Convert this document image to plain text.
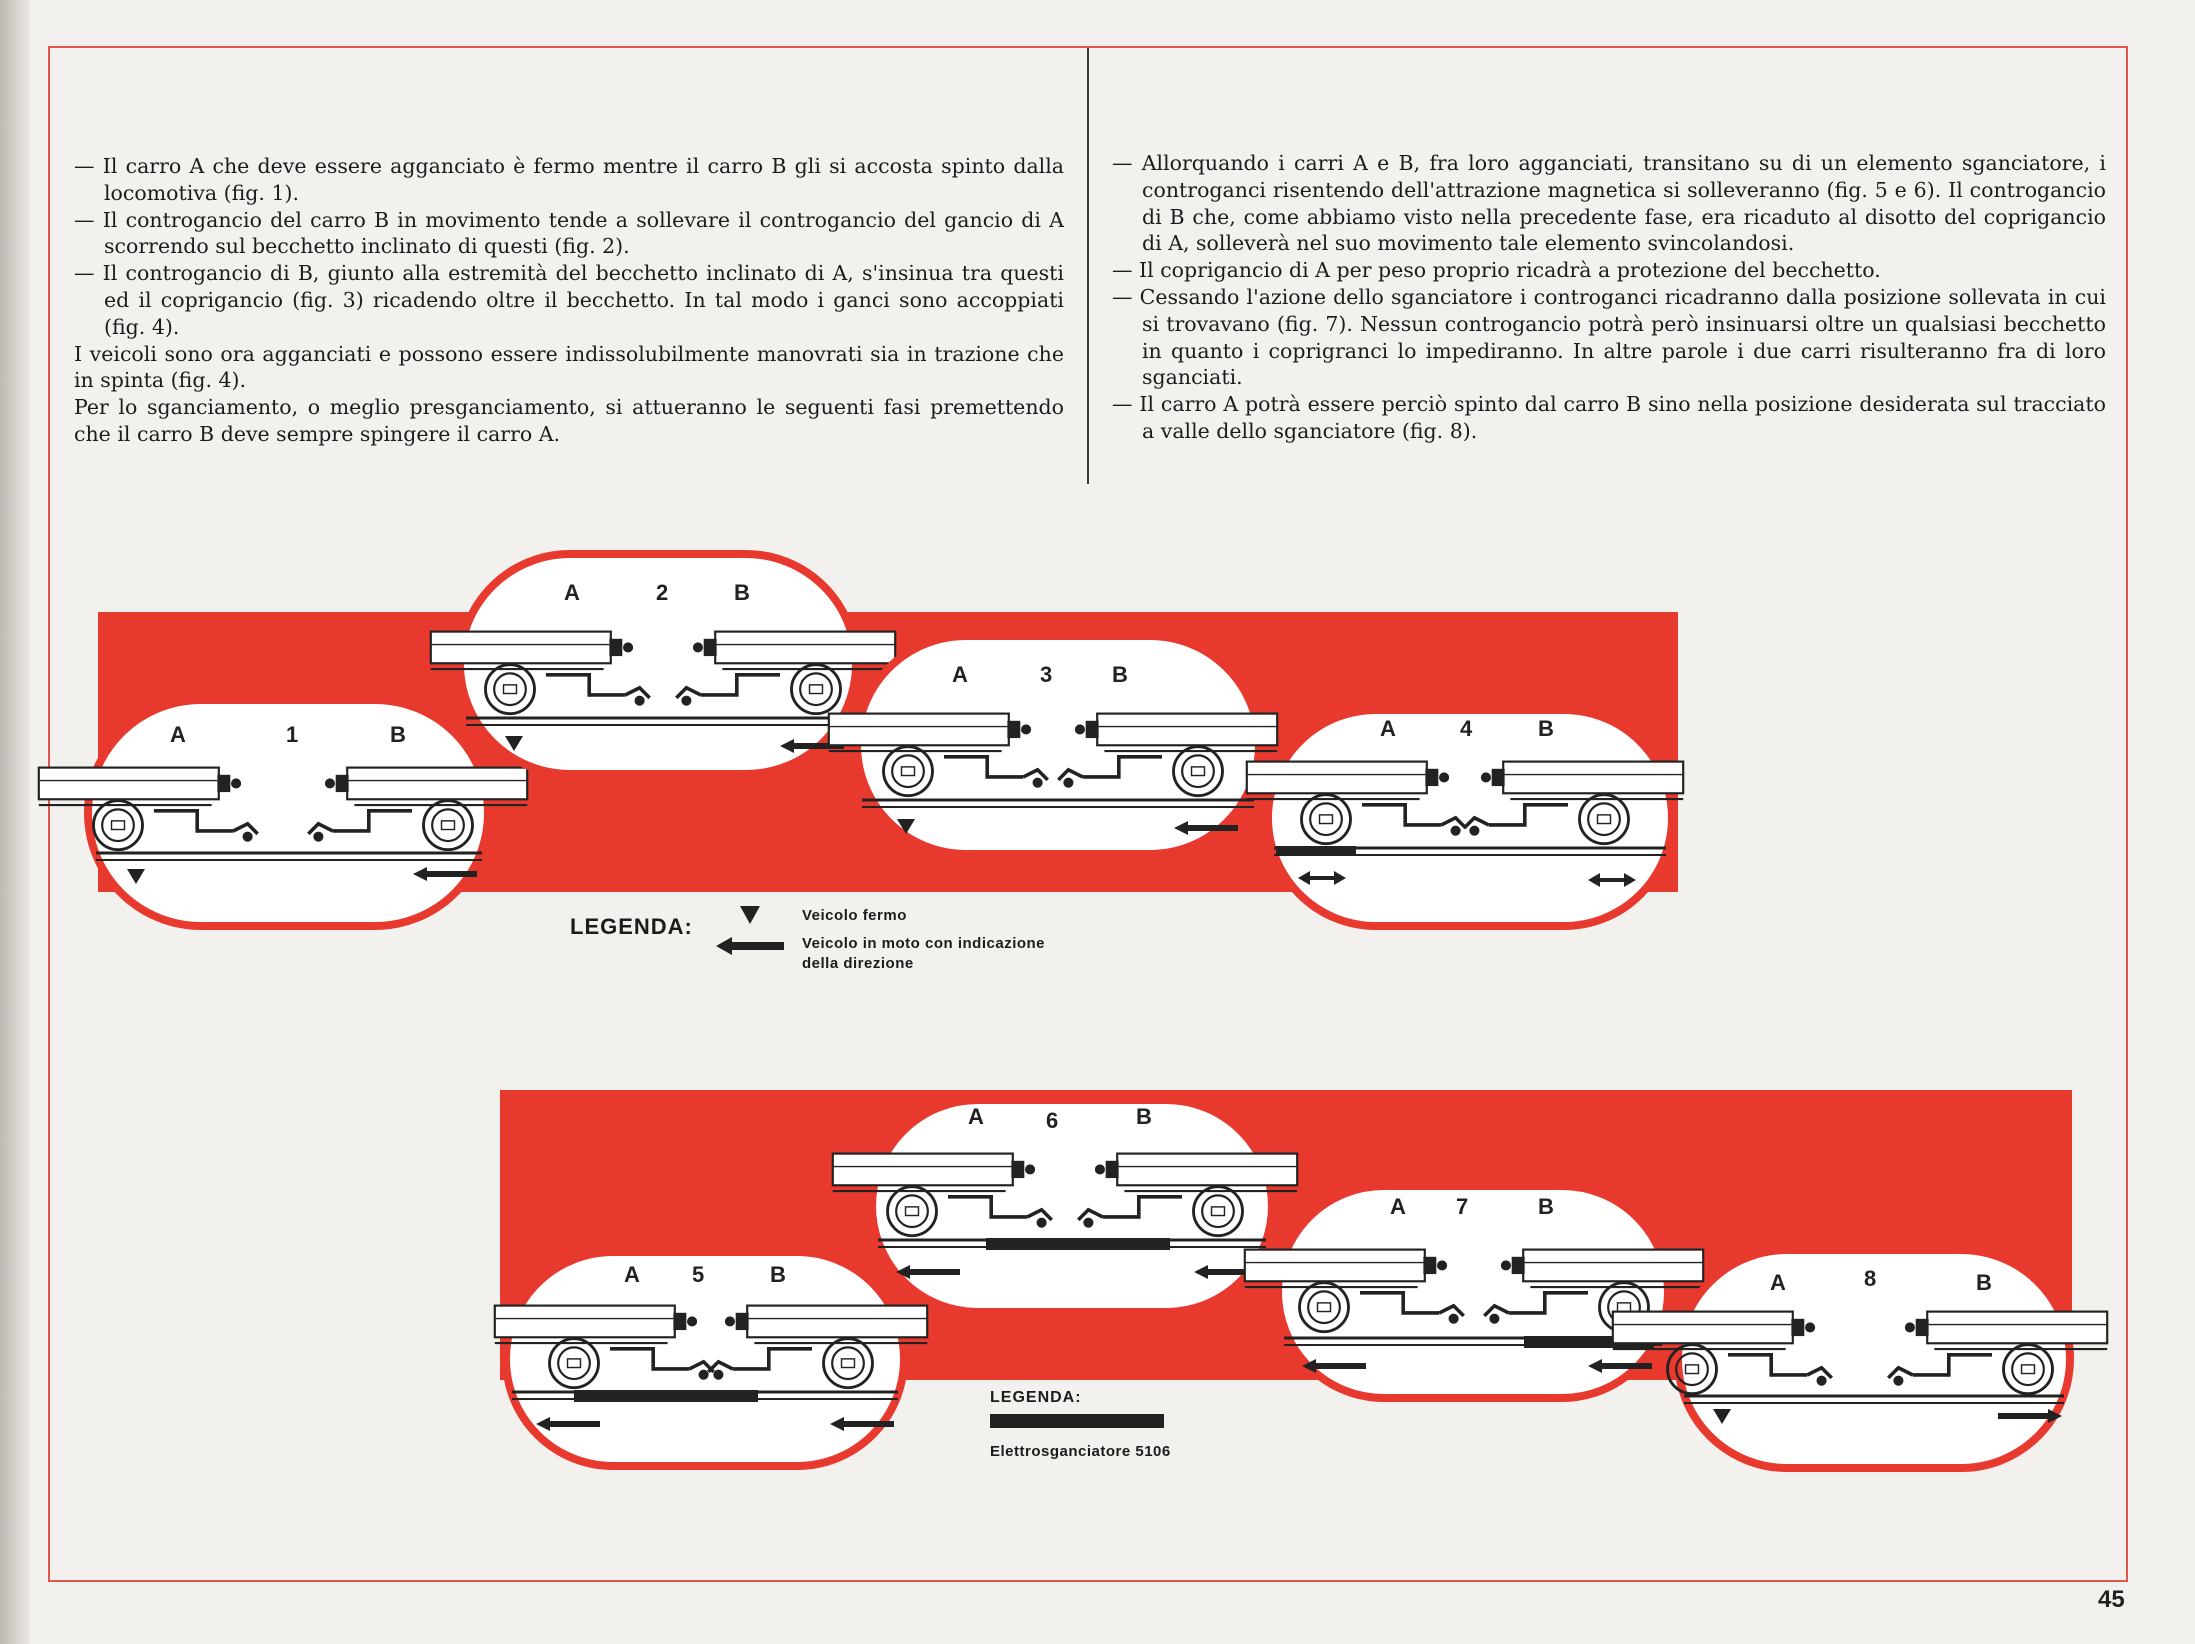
— Il carro A che deve essere agganciato è fermo mentre il carro B gli si accosta spinto dalla locomotiva (fig. 1).

— Il controgancio del carro B in movimento tende a sollevare il controgancio del gancio di A scorrendo sul becchetto inclinato di questi (fig. 2).

— Il controgancio di B, giunto alla estremità del becchetto inclinato di A, s'insinua tra questi ed il coprigancio (fig. 3) ricadendo oltre il becchetto. In tal modo i ganci sono accoppiati (fig. 4).

I veicoli sono ora agganciati e possono essere indissolubilmente manovrati sia in trazione che in spinta (fig. 4).

Per lo sganciamento, o meglio presganciamento, si attueranno le seguenti fasi premettendo che il carro B deve sempre spingere il carro A.

— Allorquando i carri A e B, fra loro agganciati, transitano su di un elemento sganciatore, i controganci risentendo dell'attrazione magnetica si solleveranno (fig. 5 e 6). Il controgancio di B che, come abbiamo visto nella precedente fase, era ricaduto al disotto del coprigancio di A, solleverà nel suo movimento tale elemento svincolandosi.

— Il coprigancio di A per peso proprio ricadrà a protezione del becchetto.

— Cessando l'azione dello sganciatore i controganci ricadranno dalla posizione sollevata in cui si trovavano (fig. 7). Nessun controgancio potrà però insinuarsi oltre un qualsiasi becchetto in quanto i coprigranci lo impediranno. In altre parole i due carri risulteranno fra di loro sganciati.

— Il carro A potrà essere perciò spinto dal carro B sino nella posizione desiderata sul tracciato a valle dello sganciatore (fig. 8).

A	1	B
A	2	B
A	3	B
A	4	B
LEGENDA:	Veicolo fermo
Veicolo in moto con indicazione
della direzione
A 5	B
A	6	B
A 7	B
A	8	B
LEGENDA:
Elettrosganciatore 5106
45
